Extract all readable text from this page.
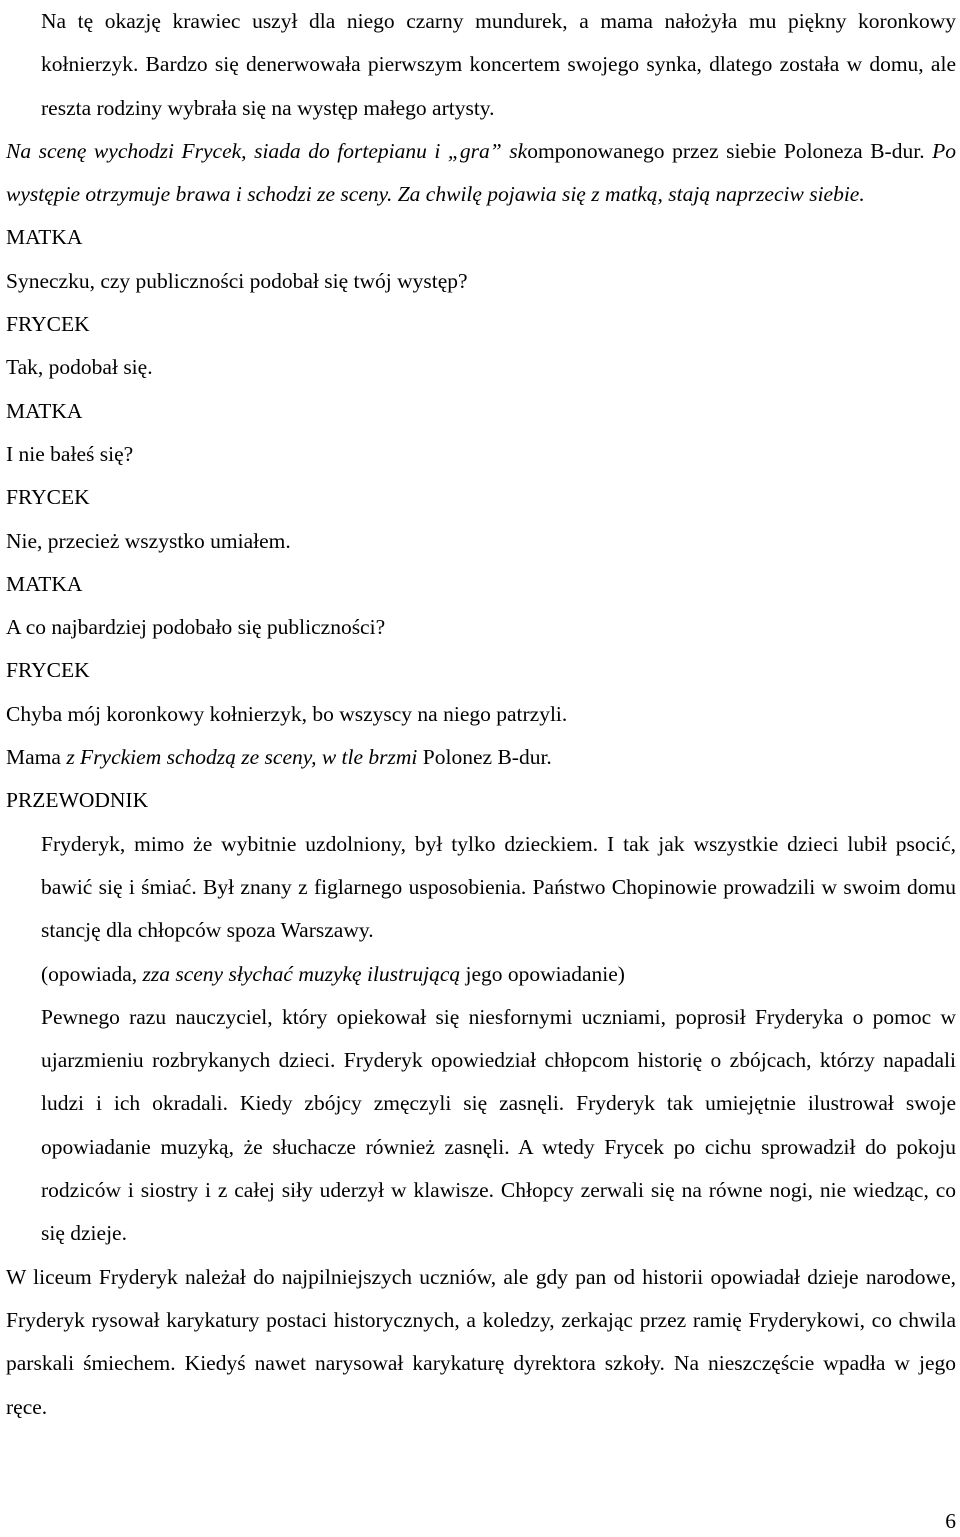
Na tę okazję krawiec uszył dla niego czarny mundurek, a mama nałożyła mu piękny koronkowy kołnierzyk. Bardzo się denerwowała pierwszym koncertem swojego synka, dlatego została w domu, ale reszta rodziny wybrała się na występ małego artysty.

Na scenę wychodzi Frycek, siada do fortepianu i „gra” skomponowanego przez siebie Poloneza B-dur. Po występie otrzymuje brawa i schodzi ze sceny. Za chwilę pojawia się z matką, stają naprzeciw siebie.

MATKA

Syneczku, czy publiczności podobał się twój występ?

FRYCEK

Tak, podobał się.

MATKA

I nie bałeś się?

FRYCEK

Nie, przecież wszystko umiałem.

MATKA

A co najbardziej podobało się publiczności?

FRYCEK

Chyba mój koronkowy kołnierzyk, bo wszyscy na niego patrzyli.

Mama z Fryckiem schodzą ze sceny, w tle brzmi Polonez B-dur.

PRZEWODNIK

Fryderyk, mimo że wybitnie uzdolniony, był tylko dzieckiem. I tak jak wszystkie dzieci lubił psocić, bawić się i śmiać. Był znany z figlarnego usposobienia. Państwo Chopinowie prowadzili w swoim domu stancję dla chłopców spoza Warszawy.

(opowiada, zza sceny słychać muzykę ilustrującą jego opowiadanie)

Pewnego razu nauczyciel, który opiekował się niesfornymi uczniami, poprosił Fryderyka o pomoc w ujarzmieniu rozbrykanych dzieci. Fryderyk opowiedział chłopcom historię o zbójcach, którzy napadali ludzi i ich okradali. Kiedy zbójcy zmęczyli się zasnęli. Fryderyk tak umiejętnie ilustrował swoje opowiadanie muzyką, że słuchacze również zasnęli. A wtedy Frycek po cichu sprowadził do pokoju rodziców i siostry i z całej siły uderzył w klawisze. Chłopcy zerwali się na równe nogi, nie wiedząc, co się dzieje.

W liceum Fryderyk należał do najpilniejszych uczniów, ale gdy pan od historii opowiadał dzieje narodowe, Fryderyk rysował karykatury postaci historycznych, a koledzy, zerkając przez ramię Fryderykowi, co chwila parskali śmiechem. Kiedyś nawet narysował karykaturę dyrektora szkoły. Na nieszczęście wpadła w jego ręce.

6
